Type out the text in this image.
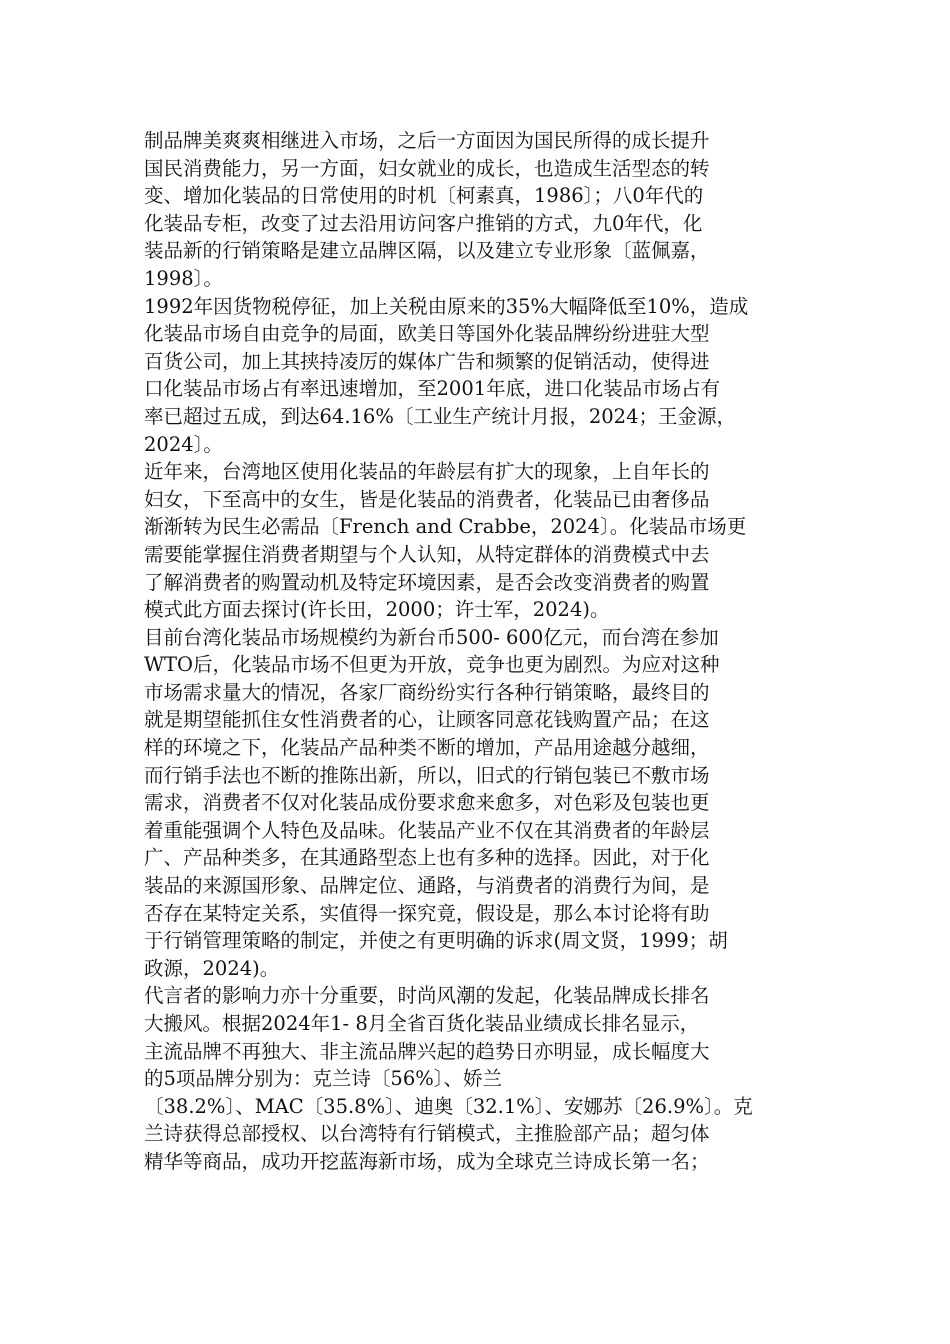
制品牌美爽爽相继进入市场，之后一方面因为国民所得的成长提升
国民消费能力，另一方面，妇女就业的成长，也造成生活型态的转
变、增加化装品的日常使用的时机〔柯素真，1986〕；八0年代的
化装品专柜，改变了过去沿用访问客户推销的方式，九0年代，化
装品新的行销策略是建立品牌区隔，以及建立专业形象〔蓝佩嘉，
1998〕。

1992年因货物税停征，加上关税由原来的35%大幅降低至10%，造成
化装品市场自由竞争的局面，欧美日等国外化装品牌纷纷进驻大型
百货公司，加上其挟持凌厉的媒体广告和频繁的促销活动，使得进
口化装品市场占有率迅速增加，至2001年底，进口化装品市场占有
率已超过五成，到达64.16%〔工业生产统计月报，2024；王金源，
2024〕。

近年来，台湾地区使用化装品的年龄层有扩大的现象，上自年长的
妇女，下至高中的女生，皆是化装品的消费者，化装品已由奢侈品
渐渐转为民生必需品〔French and Crabbe，2024〕。化装品市场更
需要能掌握住消费者期望与个人认知，从特定群体的消费模式中去
了解消费者的购置动机及特定环境因素，是否会改变消费者的购置
模式此方面去探讨(许长田，2000；许士军，2024)。

目前台湾化装品市场规模约为新台币500- 600亿元，而台湾在参加
WTO后，化装品市场不但更为开放，竞争也更为剧烈。为应对这种
市场需求量大的情况，各家厂商纷纷实行各种行销策略，最终目的
就是期望能抓住女性消费者的心，让顾客同意花钱购置产品；在这
样的环境之下，化装品产品种类不断的增加，产品用途越分越细，
而行销手法也不断的推陈出新，所以，旧式的行销包装已不敷市场
需求，消费者不仅对化装品成份要求愈来愈多，对色彩及包装也更
着重能强调个人特色及品味。化装品产业不仅在其消费者的年龄层
广、产品种类多，在其通路型态上也有多种的选择。因此，对于化
装品的来源国形象、品牌定位、通路，与消费者的消费行为间，是
否存在某特定关系，实值得一探究竟，假设是，那么本讨论将有助
于行销管理策略的制定，并使之有更明确的诉求(周文贤，1999；胡
政源，2024)。

代言者的影响力亦十分重要，时尚风潮的发起，化装品牌成长排名
大搬风。根据2024年1- 8月全省百货化装品业绩成长排名显示，
主流品牌不再独大、非主流品牌兴起的趋势日亦明显，成长幅度大
的5项品牌分别为：克兰诗〔56%〕、娇兰
〔38.2%〕、MAC〔35.8%〕、迪奥〔32.1%〕、安娜苏〔26.9%〕。克
兰诗获得总部授权、以台湾特有行销模式，主推脸部产品；超匀体
精华等商品，成功开挖蓝海新市场，成为全球克兰诗成长第一名；
